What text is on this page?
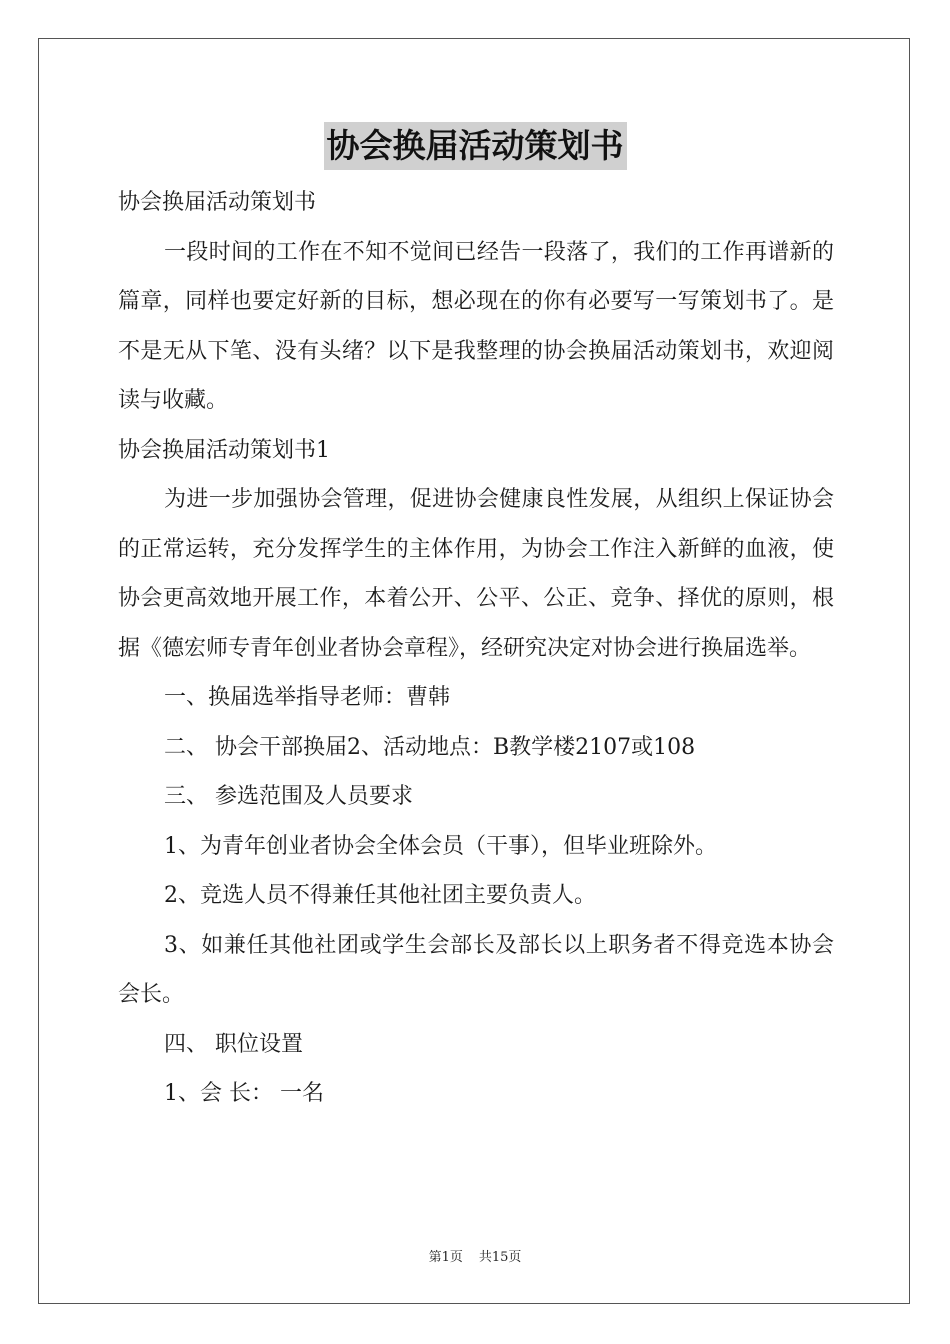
协会换届活动策划书

协会换届活动策划书

一段时间的工作在不知不觉间已经告一段落了，我们的工作再谱新的篇章，同样也要定好新的目标，想必现在的你有必要写一写策划书了。是不是无从下笔、没有头绪？以下是我整理的协会换届活动策划书，欢迎阅读与收藏。

协会换届活动策划书1

为进一步加强协会管理，促进协会健康良性发展，从组织上保证协会的正常运转，充分发挥学生的主体作用，为协会工作注入新鲜的血液，使协会更高效地开展工作，本着公开、公平、公正、竞争、择优的原则，根据《德宏师专青年创业者协会章程》，经研究决定对协会进行换届选举。

一、换届选举指导老师：曹韩

二、 协会干部换届2、活动地点：B教学楼2107或108

三、 参选范围及人员要求

1、为青年创业者协会全体会员（干事），但毕业班除外。

2、竞选人员不得兼任其他社团主要负责人。

3、如兼任其他社团或学生会部长及部长以上职务者不得竞选本协会会长。

四、 职位设置

1、会 长： 一名

第1页 共15页
